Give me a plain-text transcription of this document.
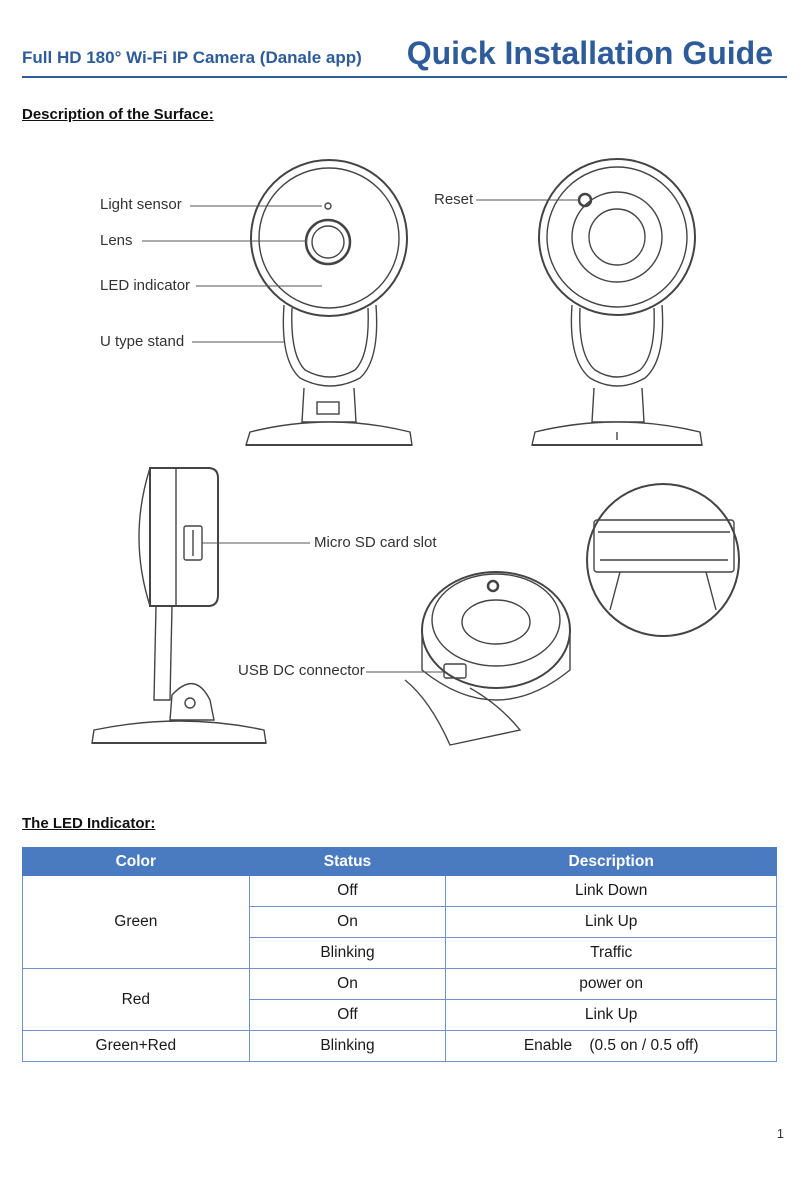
Full HD 180° Wi-Fi IP Camera (Danale app) Quick Installation Guide
Description of the Surface:
Light sensor
Lens
LED indicator
U type stand
Reset
Micro SD card slot
USB DC connector
The LED Indicator:
Color	Status	Description
Green	Off	Link Down
	On	Link Up
	Blinking	Traffic
Red	On	power on
	Off	Link Up
Green+Red	Blinking	Enable    (0.5 on / 0.5 off)
1
